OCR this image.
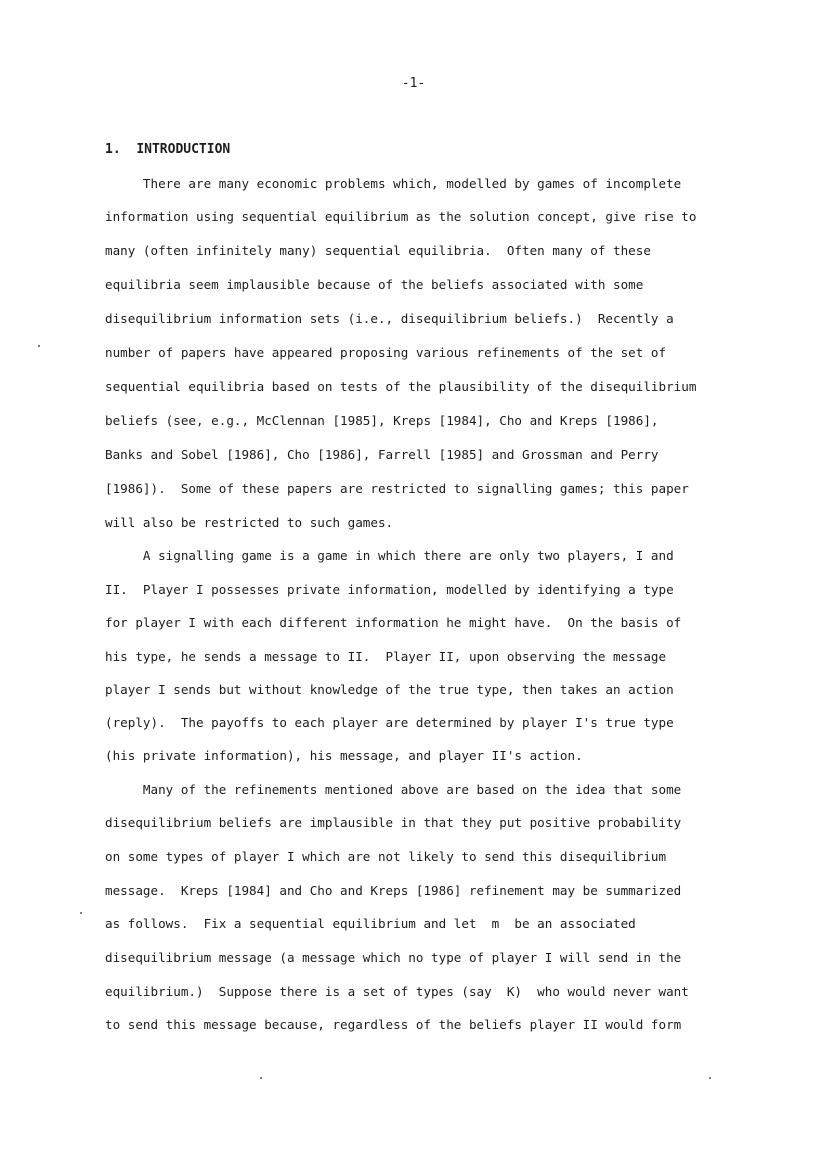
-1-
1. INTRODUCTION
There are many economic problems which, modelled by games of incomplete
information using sequential equilibrium as the solution concept, give rise to
many (often infinitely many) sequential equilibria.  Often many of these
equilibria seem implausible because of the beliefs associated with some
disequilibrium information sets (i.e., disequilibrium beliefs.)  Recently a
number of papers have appeared proposing various refinements of the set of
sequential equilibria based on tests of the plausibility of the disequilibrium
beliefs (see, e.g., McClennan [1985], Kreps [1984], Cho and Kreps [1986],
Banks and Sobel [1986], Cho [1986], Farrell [1985] and Grossman and Perry
[1986]).  Some of these papers are restricted to signalling games; this paper
will also be restricted to such games.
A signalling game is a game in which there are only two players, I and
II.  Player I possesses private information, modelled by identifying a type
for player I with each different information he might have.  On the basis of
his type, he sends a message to II.  Player II, upon observing the message
player I sends but without knowledge of the true type, then takes an action
(reply).  The payoffs to each player are determined by player I's true type
(his private information), his message, and player II's action.
Many of the refinements mentioned above are based on the idea that some
disequilibrium beliefs are implausible in that they put positive probability
on some types of player I which are not likely to send this disequilibrium
message.  Kreps [1984] and Cho and Kreps [1986] refinement may be summarized
as follows.  Fix a sequential equilibrium and let  m  be an associated
disequilibrium message (a message which no type of player I will send in the
equilibrium.)  Suppose there is a set of types (say  K)  who would never want
to send this message because, regardless of the beliefs player II would form
